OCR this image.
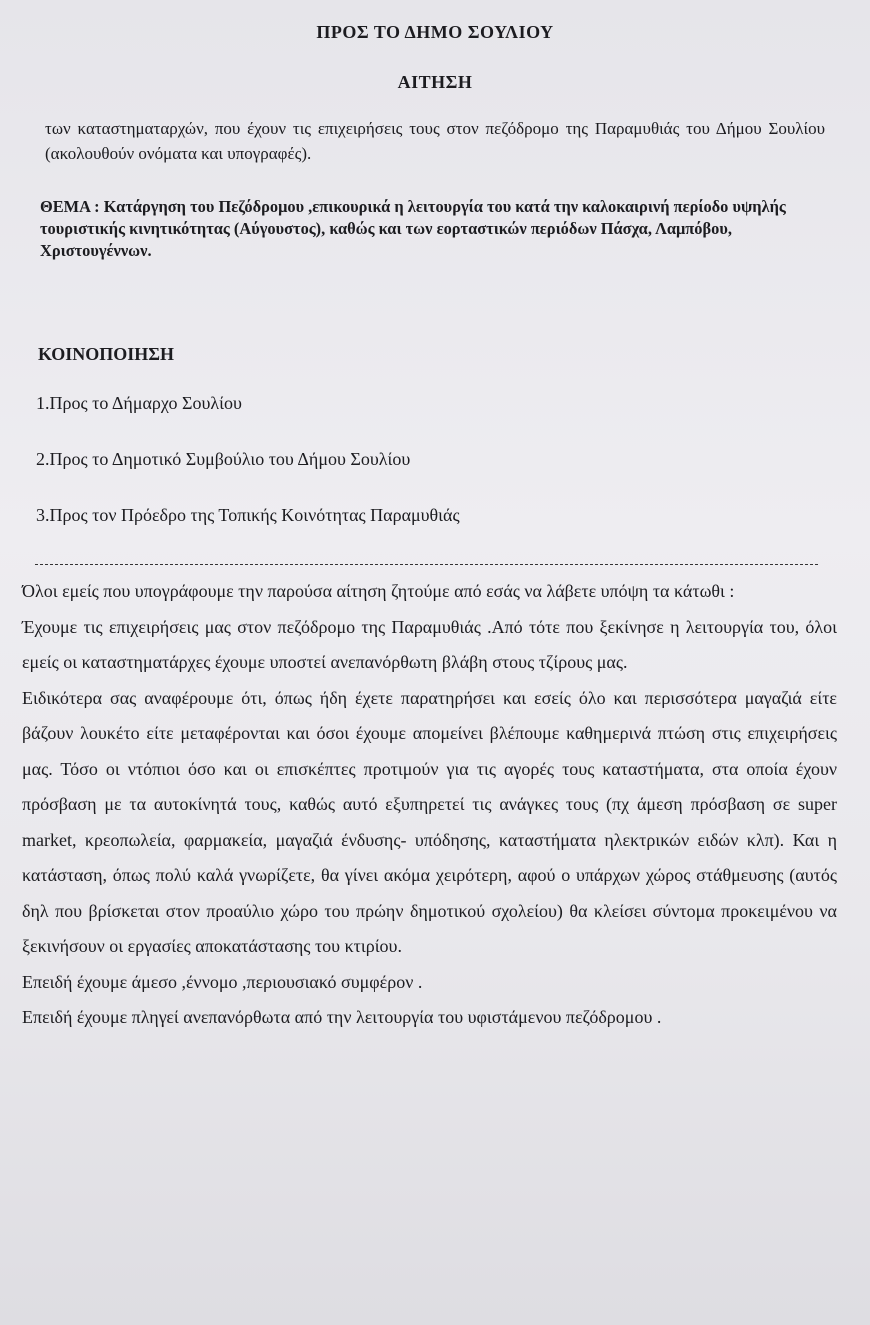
ΠΡΟΣ ΤΟ ΔΗΜΟ ΣΟΥΛΙΟΥ
ΑΙΤΗΣΗ

των καταστηματαρχών, που έχουν τις επιχειρήσεις τους στον πεζόδρομο της Παραμυθιάς του Δήμου Σουλίου (ακολουθούν ονόματα και υπογραφές).

ΘΕΜΑ : Κατάργηση του Πεζόδρομου ,επικουρικά η λειτουργία του κατά την καλοκαιρινή περίοδο υψηλής τουριστικής κινητικότητας (Αύγουστος), καθώς και των εορταστικών περιόδων Πάσχα, Λαμπόβου, Χριστουγέννων.

ΚΟΙΝΟΠΟΙΗΣΗ
1.Προς το Δήμαρχο Σουλίου
2.Προς το Δημοτικό Συμβούλιο του Δήμου Σουλίου
3.Προς τον Πρόεδρο της Τοπικής Κοινότητας Παραμυθιάς

Όλοι εμείς που υπογράφουμε την παρούσα αίτηση ζητούμε από εσάς να λάβετε υπόψη τα κάτωθι :

Έχουμε τις επιχειρήσεις μας στον πεζόδρομο της Παραμυθιάς .Από τότε που ξεκίνησε η λειτουργία του, όλοι εμείς οι καταστηματάρχες έχουμε υποστεί ανεπανόρθωτη βλάβη στους τζίρους μας.

Ειδικότερα σας αναφέρουμε ότι, όπως ήδη έχετε παρατηρήσει και εσείς όλο και περισσότερα μαγαζιά είτε βάζουν λουκέτο είτε μεταφέρονται και όσοι έχουμε απομείνει βλέπουμε καθημερινά πτώση στις επιχειρήσεις μας. Τόσο οι ντόπιοι όσο και οι επισκέπτες προτιμούν για τις αγορές τους καταστήματα, στα οποία έχουν πρόσβαση με τα αυτοκίνητά τους, καθώς αυτό εξυπηρετεί τις ανάγκες τους (πχ άμεση πρόσβαση σε super market, κρεοπωλεία, φαρμακεία, μαγαζιά ένδυσης- υπόδησης, καταστήματα ηλεκτρικών ειδών κλπ). Και η κατάσταση, όπως πολύ καλά γνωρίζετε, θα γίνει ακόμα χειρότερη, αφού ο υπάρχων χώρος στάθμευσης (αυτός δηλ που βρίσκεται στον προαύλιο χώρο του πρώην δημοτικού σχολείου) θα κλείσει σύντομα προκειμένου να ξεκινήσουν οι εργασίες αποκατάστασης του κτιρίου.

Επειδή έχουμε άμεσο ,έννομο ,περιουσιακό συμφέρον .

Επειδή έχουμε πληγεί ανεπανόρθωτα από την λειτουργία του υφιστάμενου πεζόδρομου .
